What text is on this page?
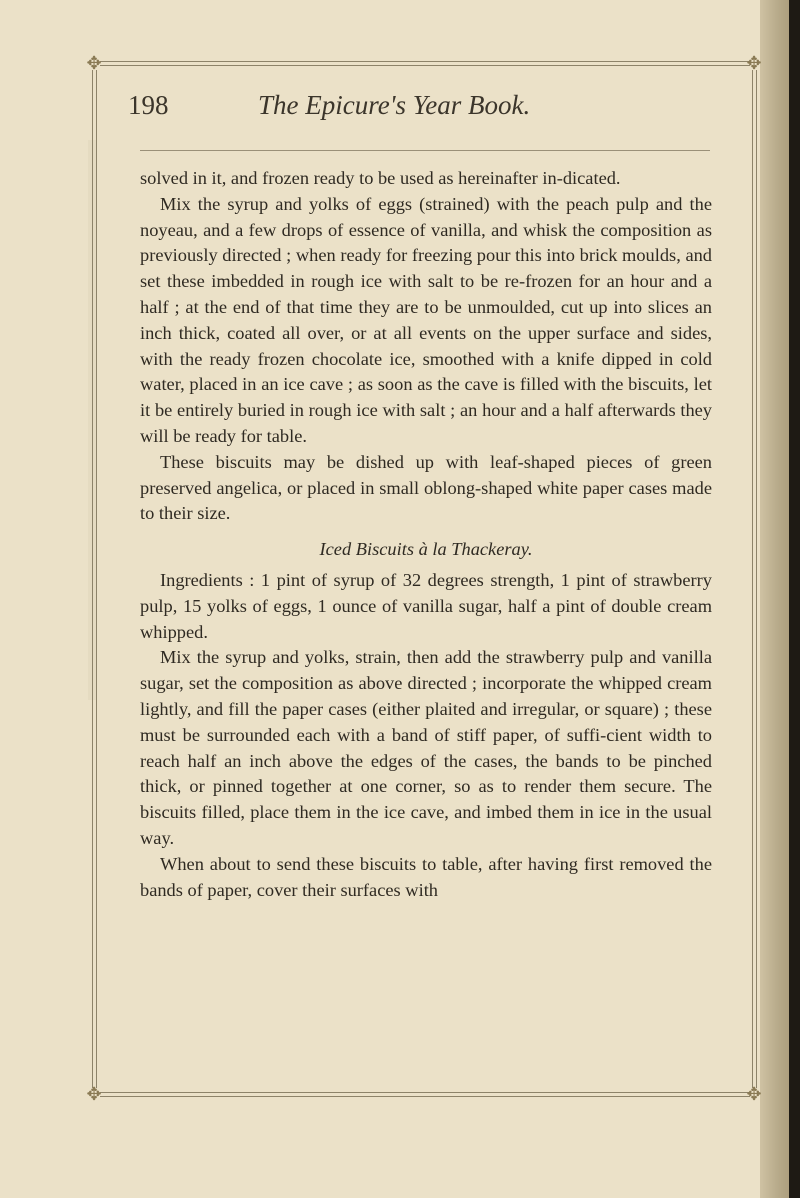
✥	✥
✥	✥
198	The Epicure's Year Book.

solved in it, and frozen ready to be used as hereinafter in-dicated.

Mix the syrup and yolks of eggs (strained) with the peach pulp and the noyeau, and a few drops of essence of vanilla, and whisk the composition as previously directed ; when ready for freezing pour this into brick moulds, and set these imbedded in rough ice with salt to be re-frozen for an hour and a half ; at the end of that time they are to be unmoulded, cut up into slices an inch thick, coated all over, or at all events on the upper surface and sides, with the ready frozen chocolate ice, smoothed with a knife dipped in cold water, placed in an ice cave ; as soon as the cave is filled with the biscuits, let it be entirely buried in rough ice with salt ; an hour and a half afterwards they will be ready for table.

These biscuits may be dished up with leaf-shaped pieces of green preserved angelica, or placed in small oblong-shaped white paper cases made to their size.

Iced Biscuits à la Thackeray.

Ingredients : 1 pint of syrup of 32 degrees strength, 1 pint of strawberry pulp, 15 yolks of eggs, 1 ounce of vanilla sugar, half a pint of double cream whipped.

Mix the syrup and yolks, strain, then add the strawberry pulp and vanilla sugar, set the composition as above directed ; incorporate the whipped cream lightly, and fill the paper cases (either plaited and irregular, or square) ; these must be surrounded each with a band of stiff paper, of suffi-cient width to reach half an inch above the edges of the cases, the bands to be pinched thick, or pinned together at one corner, so as to render them secure. The biscuits filled, place them in the ice cave, and imbed them in ice in the usual way.

When about to send these biscuits to table, after having first removed the bands of paper, cover their surfaces with
